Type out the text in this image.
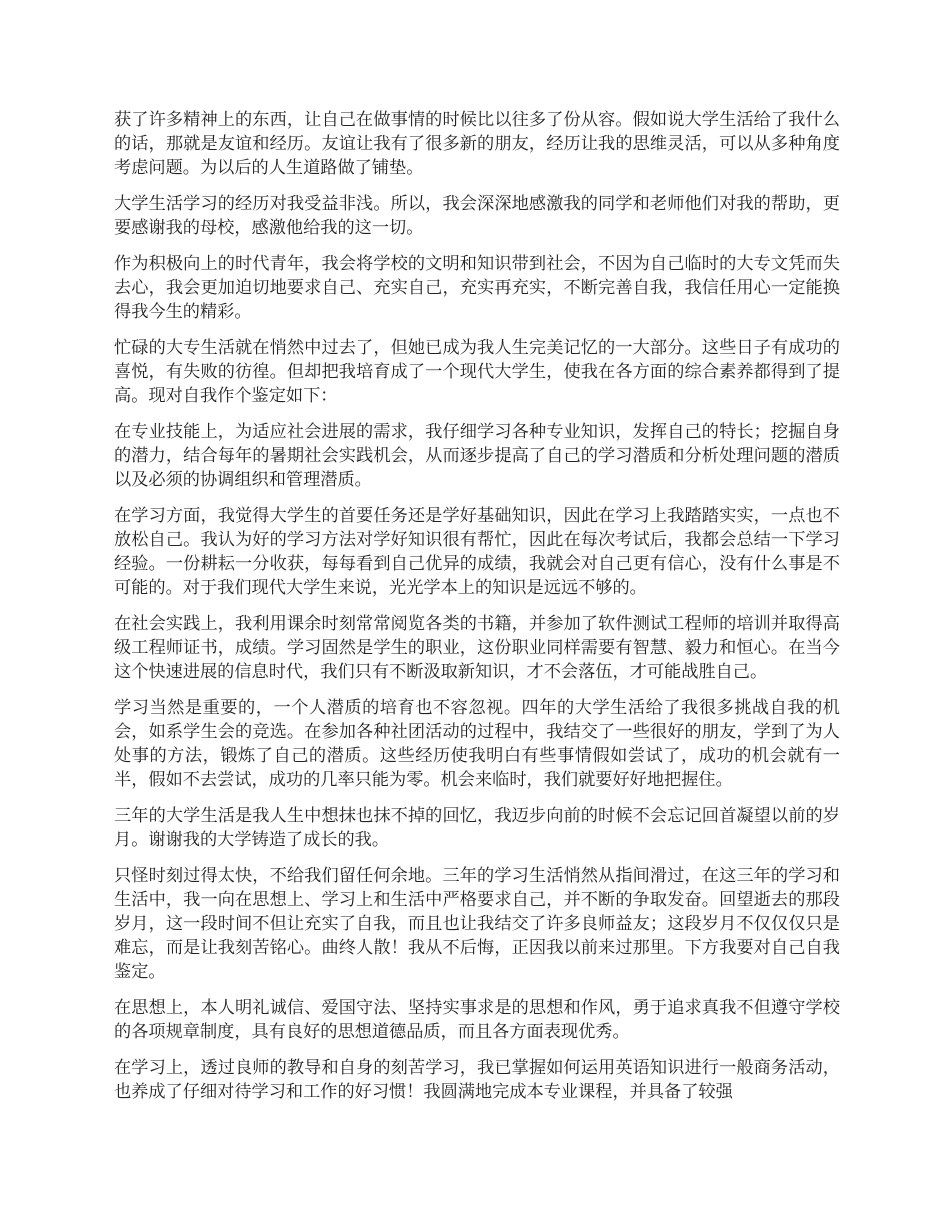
获了许多精神上的东西，让自己在做事情的时候比以往多了份从容。假如说大学生活给了我什么的话，那就是友谊和经历。友谊让我有了很多新的朋友，经历让我的思维灵活，可以从多种角度考虑问题。为以后的人生道路做了铺垫。

大学生活学习的经历对我受益非浅。所以，我会深深地感激我的同学和老师他们对我的帮助，更要感谢我的母校，感激他给我的这一切。

作为积极向上的时代青年，我会将学校的文明和知识带到社会，不因为自己临时的大专文凭而失去心，我会更加迫切地要求自己、充实自己，充实再充实，不断完善自我，我信任用心一定能换得我今生的精彩。

忙碌的大专生活就在悄然中过去了，但她已成为我人生完美记忆的一大部分。这些日子有成功的喜悦，有失败的彷徨。但却把我培育成了一个现代大学生，使我在各方面的综合素养都得到了提高。现对自我作个鉴定如下：

在专业技能上，为适应社会进展的需求，我仔细学习各种专业知识，发挥自己的特长；挖掘自身的潜力，结合每年的暑期社会实践机会，从而逐步提高了自己的学习潜质和分析处理问题的潜质以及必须的协调组织和管理潜质。

在学习方面，我觉得大学生的首要任务还是学好基础知识，因此在学习上我踏踏实实，一点也不放松自己。我认为好的学习方法对学好知识很有帮忙，因此在每次考试后，我都会总结一下学习经验。一份耕耘一分收获，每每看到自己优异的成绩，我就会对自己更有信心，没有什么事是不可能的。对于我们现代大学生来说，光光学本上的知识是远远不够的。

在社会实践上，我利用课余时刻常常阅览各类的书籍，并参加了软件测试工程师的培训并取得高级工程师证书，成绩。学习固然是学生的职业，这份职业同样需要有智慧、毅力和恒心。在当今这个快速进展的信息时代，我们只有不断汲取新知识，才不会落伍，才可能战胜自己。

学习当然是重要的，一个人潜质的培育也不容忽视。四年的大学生活给了我很多挑战自我的机会，如系学生会的竞选。在参加各种社团活动的过程中，我结交了一些很好的朋友，学到了为人处事的方法，锻炼了自己的潜质。这些经历使我明白有些事情假如尝试了，成功的机会就有一半，假如不去尝试，成功的几率只能为零。机会来临时，我们就要好好地把握住。

三年的大学生活是我人生中想抹也抹不掉的回忆，我迈步向前的时候不会忘记回首凝望以前的岁月。谢谢我的大学铸造了成长的我。

只怪时刻过得太快，不给我们留任何余地。三年的学习生活悄然从指间滑过，在这三年的学习和生活中，我一向在思想上、学习上和生活中严格要求自己，并不断的争取发奋。回望逝去的那段岁月，这一段时间不但让充实了自我，而且也让我结交了许多良师益友；这段岁月不仅仅仅只是难忘，而是让我刻苦铭心。曲终人散！我从不后悔，正因我以前来过那里。下方我要对自己自我鉴定。

在思想上，本人明礼诚信、爱国守法、坚持实事求是的思想和作风，勇于追求真我不但遵守学校的各项规章制度，具有良好的思想道德品质，而且各方面表现优秀。

在学习上，透过良师的教导和自身的刻苦学习，我已掌握如何运用英语知识进行一般商务活动，也养成了仔细对待学习和工作的好习惯！我圆满地完成本专业课程，并具备了较强
